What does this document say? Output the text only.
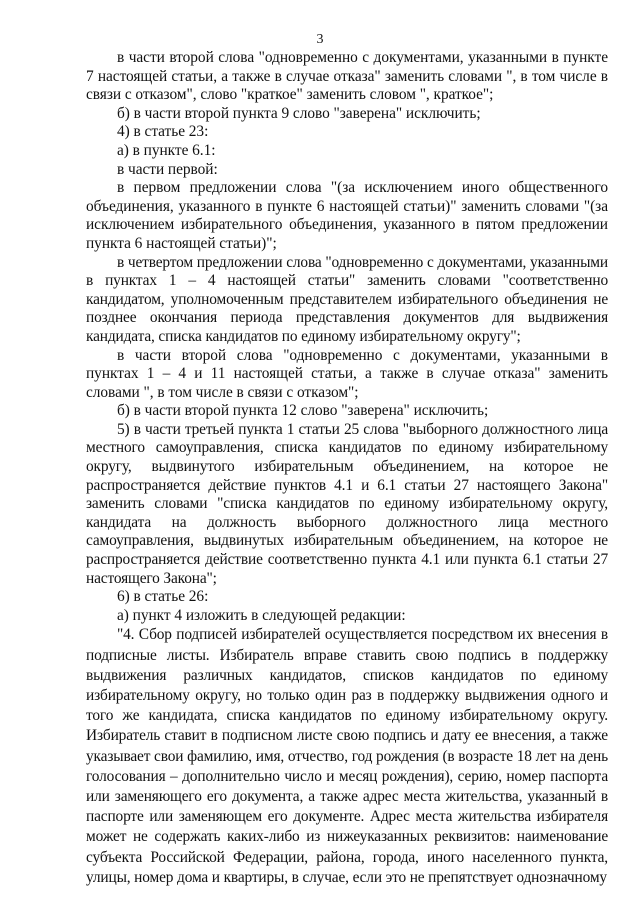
3

в части второй слова "одновременно с документами, указанными в пункте 7 настоящей статьи, а также в случае отказа" заменить словами ", в том числе в связи с отказом", слово "краткое" заменить словом ", краткое";

б) в части второй пункта 9 слово "заверена" исключить;

4) в статье 23:

а) в пункте 6.1:

в части первой:

в первом предложении слова "(за исключением иного общественного объединения, указанного в пункте 6 настоящей статьи)" заменить словами "(за исключением избирательного объединения, указанного в пятом предложении пункта 6 настоящей статьи)";

в четвертом предложении слова "одновременно с документами, указанными в пунктах 1 – 4 настоящей статьи" заменить словами "соответственно кандидатом, уполномоченным представителем избирательного объединения не позднее окончания периода представления документов для выдвижения кандидата, списка кандидатов по единому избирательному округу";

в части второй слова "одновременно с документами, указанными в пунктах 1 – 4 и 11 настоящей статьи, а также в случае отказа" заменить словами ", в том числе в связи с отказом";

б) в части второй пункта 12 слово "заверена" исключить;

5) в части третьей пункта 1 статьи 25 слова "выборного должностного лица местного самоуправления, списка кандидатов по единому избирательному округу, выдвинутого избирательным объединением, на которое не распространяется действие пунктов 4.1 и 6.1 статьи 27 настоящего Закона" заменить словами "списка кандидатов по единому избирательному округу, кандидата на должность выборного должностного лица местного самоуправления, выдвинутых избирательным объединением, на которое не распространяется действие соответственно пункта 4.1 или пункта 6.1 статьи 27 настоящего Закона";

6) в статье 26:

а) пункт 4 изложить в следующей редакции:

"4. Сбор подписей избирателей осуществляется посредством их внесения в подписные листы. Избиратель вправе ставить свою подпись в поддержку выдвижения различных кандидатов, списков кандидатов по единому избирательному округу, но только один раз в поддержку выдвижения одного и того же кандидата, списка кандидатов по единому избирательному округу. Избиратель ставит в подписном листе свою подпись и дату ее внесения, а также указывает свои фамилию, имя, отчество, год рождения (в возрасте 18 лет на день голосования – дополнительно число и месяц рождения), серию, номер паспорта или заменяющего его документа, а также адрес места жительства, указанный в паспорте или заменяющем его документе. Адрес места жительства избирателя может не содержать каких-либо из нижеуказанных реквизитов: наименование субъекта Российской Федерации, района, города, иного населенного пункта, улицы, номер дома и квартиры, в случае, если это не препятствует однозначному
